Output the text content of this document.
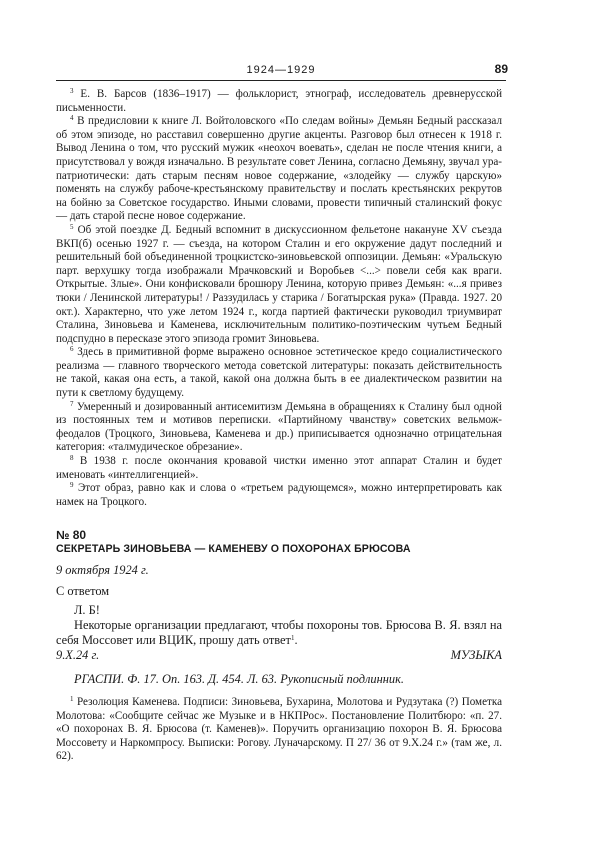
1924—1929	89

$^3$ Е. В. Барсов (1836–1917) — фольклорист, этнограф, исследователь древнерусской письменности.

$^4$ В предисловии к книге Л. Войтоловского «По следам войны» Демьян Бедный рассказал об этом эпизоде, но расставил совершенно другие акценты. Разговор был отнесен к 1918 г. Вывод Ленина о том, что русский мужик «неохоч воевать», сделан не после чтения книги, а присутствовал у вождя изначально. В результате совет Ленина, согласно Демьяну, звучал ура-патриотически: дать старым песням новое содержание, «злодейку — службу царскую» поменять на службу рабоче-крестьянскому правительству и послать крестьянских рекрутов на бойню за Советское государство. Иными словами, провести типичный сталинский фокус — дать старой песне новое содержание.

$^5$ Об этой поездке Д. Бедный вспомнит в дискуссионном фельетоне накануне XV съезда ВКП(б) осенью 1927 г. — съезда, на котором Сталин и его окружение дадут последний и решительный бой объединенной троцкистско-зиновьевской оппозиции. Демьян: «Уральскую парт. верхушку тогда изображали Мрачковский и Воробьев <...> повели себя как враги. Открытые. Злые». Они конфисковали брошюру Ленина, которую привез Демьян: «...я привез тюки / Ленинской литературы! / Раззудилась у старика / Богатырская рука» (Правда. 1927. 20 окт.). Характерно, что уже летом 1924 г., когда партией фактически руководил триумвират Сталина, Зиновьева и Каменева, исключительным политико-поэтическим чутьем Бедный подспудно в пересказе этого эпизода громит Зиновьева.

$^6$ Здесь в примитивной форме выражено основное эстетическое кредо социалистического реализма — главного творческого метода советской литературы: показать действительность не такой, какая она есть, а такой, какой она должна быть в ее диалектическом развитии на пути к светлому будущему.

$^7$ Умеренный и дозированный антисемитизм Демьяна в обращениях к Сталину был одной из постоянных тем и мотивов переписки. «Партийному чванству» советских вельмож-феодалов (Троцкого, Зиновьева, Каменева и др.) приписывается однозначно отрицательная категория: «талмудическое обрезание».

$^8$ В 1938 г. после окончания кровавой чистки именно этот аппарат Сталин и будет именовать «интеллигенцией».

$^9$ Этот образ, равно как и слова о «третьем радующемся», можно интерпретировать как намек на Троцкого.

№ 80
СЕКРЕТАРЬ ЗИНОВЬЕВА — КАМЕНЕВУ О ПОХОРОНАХ БРЮСОВА
9 октября 1924 г.
С ответом

Л. Б!

Некоторые организации предлагают, чтобы похороны тов. Брюсова В. Я. взял на себя Моссовет или ВЦИК, прошу дать ответ$^1$.

9.X.24 г.	МУЗЫКА
РГАСПИ. Ф. 17. Оп. 163. Д. 454. Л. 63. Рукописный подлинник.

$^1$ Резолюция Каменева. Подписи: Зиновьева, Бухарина, Молотова и Рудзутака (?) Пометка Молотова: «Сообщите сейчас же Музыке и в НКПРос». Постановление Политбюро: «п. 27. «О похоронах В. Я. Брюсова (т. Каменев)». Поручить организацию похорон В. Я. Брюсова Моссовету и Наркомпросу. Выписки: Рогову. Луначарскому. П 27/ 36 от 9.X.24 г.» (там же, л. 62).
